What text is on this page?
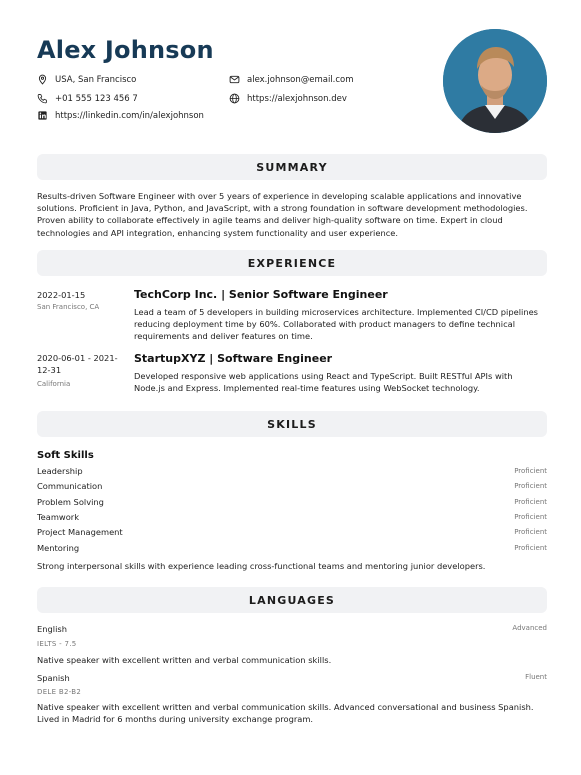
Alex Johnson
USA, San Francisco	alex.johnson@email.com
+01 555 123 456 7	https://alexjohnson.dev
https://linkedin.com/in/alexjohnson
SUMMARY
Results-driven Software Engineer with over 5 years of experience in developing scalable applications and innovative solutions. Proficient in Java, Python, and JavaScript, with a strong foundation in software development methodologies. Proven ability to collaborate effectively in agile teams and deliver high-quality software on time. Expert in cloud technologies and API integration, enhancing system functionality and user experience.
EXPERIENCE
2022-01-15
San Francisco, CA
TechCorp Inc. | Senior Software Engineer
Lead a team of 5 developers in building microservices architecture. Implemented CI/CD pipelines reducing deployment time by 60%. Collaborated with product managers to define technical requirements and deliver features on time.
2020-06-01 - 2021-12-31
California
StartupXYZ | Software Engineer
Developed responsive web applications using React and TypeScript. Built RESTful APIs with Node.js and Express. Implemented real-time features using WebSocket technology.
SKILLS
Soft Skills
Leadership	Proficient
Communication	Proficient
Problem Solving	Proficient
Teamwork	Proficient
Project Management	Proficient
Mentoring	Proficient
Strong interpersonal skills with experience leading cross-functional teams and mentoring junior developers.
LANGUAGES
English	Advanced
IELTS - 7.5
Native speaker with excellent written and verbal communication skills.
Spanish	Fluent
DELE B2-B2
Native speaker with excellent written and verbal communication skills. Advanced conversational and business Spanish. Lived in Madrid for 6 months during university exchange program.
